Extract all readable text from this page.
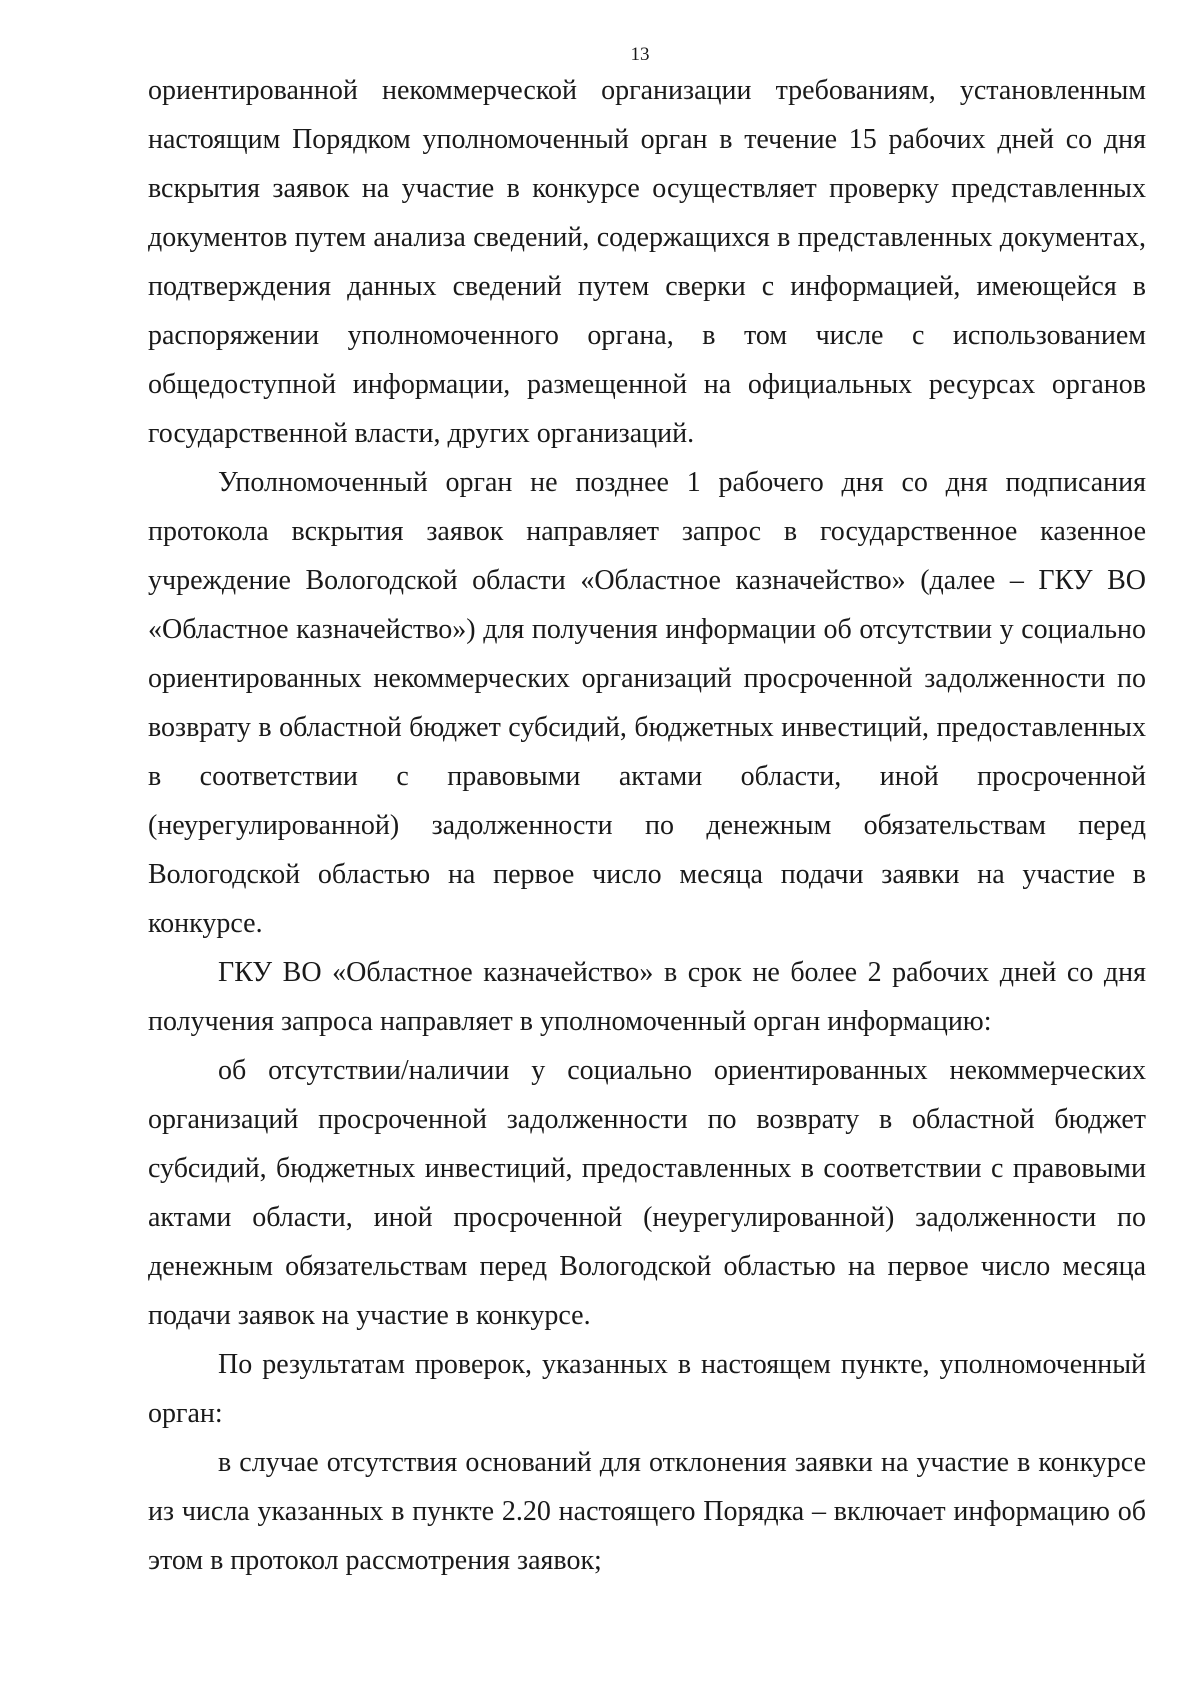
13

ориентированной некоммерческой организации требованиям, установленным настоящим Порядком уполномоченный орган в течение 15 рабочих дней со дня вскрытия заявок на участие в конкурсе осуществляет проверку представленных документов путем анализа сведений, содержащихся в представленных документах, подтверждения данных сведений путем сверки с информацией, имеющейся в распоряжении уполномоченного органа, в том числе с использованием общедоступной информации, размещенной на официальных ресурсах органов государственной власти, других организаций.

Уполномоченный орган не позднее 1 рабочего дня со дня подписания протокола вскрытия заявок направляет запрос в государственное казенное учреждение Вологодской области «Областное казначейство» (далее – ГКУ ВО «Областное казначейство») для получения информации об отсутствии у социально ориентированных некоммерческих организаций просроченной задолженности по возврату в областной бюджет субсидий, бюджетных инвестиций, предоставленных в соответствии с правовыми актами области, иной просроченной (неурегулированной) задолженности по денежным обязательствам перед Вологодской областью на первое число месяца подачи заявки на участие в конкурсе.

ГКУ ВО «Областное казначейство» в срок не более 2 рабочих дней со дня получения запроса направляет в уполномоченный орган информацию:

об отсутствии/наличии у социально ориентированных некоммерческих организаций просроченной задолженности по возврату в областной бюджет субсидий, бюджетных инвестиций, предоставленных в соответствии с правовыми актами области, иной просроченной (неурегулированной) задолженности по денежным обязательствам перед Вологодской областью на первое число месяца подачи заявок на участие в конкурсе.

По результатам проверок, указанных в настоящем пункте, уполномоченный орган:

в случае отсутствия оснований для отклонения заявки на участие в конкурсе из числа указанных в пункте 2.20 настоящего Порядка – включает информацию об этом в протокол рассмотрения заявок;
